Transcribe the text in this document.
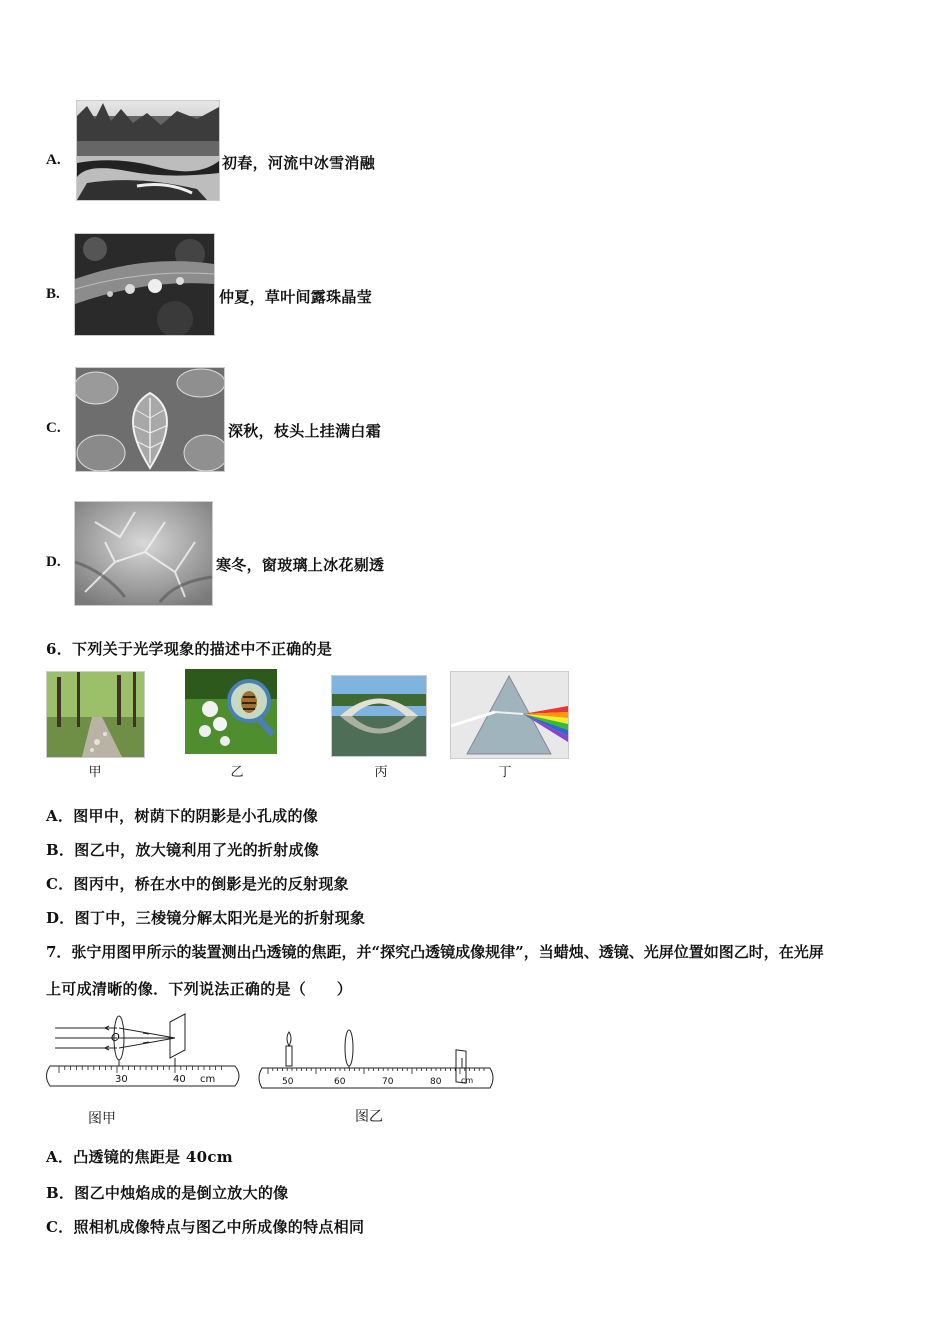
A.	初春，河流中冰雪消融
B.	仲夏，草叶间露珠晶莹
C.	深秋，枝头上挂满白霜
D.	寒冬，窗玻璃上冰花剔透
6．下列关于光学现象的描述中不正确的是
甲	乙	丙	丁
A．图甲中，树荫下的阴影是小孔成的像
B．图乙中，放大镜利用了光的折射成像
C．图丙中，桥在水中的倒影是光的反射现象
D．图丁中，三棱镜分解太阳光是光的折射现象
7．张宁用图甲所示的装置测出凸透镜的焦距，并“探究凸透镜成像规律”，当蜡烛、透镜、光屏位置如图乙时，在光屏
上可成清晰的像．下列说法正确的是（　　）
O
30	40 cm
图甲
50	60	70	80 cm
图乙
A．凸透镜的焦距是 40cm
B．图乙中烛焰成的是倒立放大的像
C．照相机成像特点与图乙中所成像的特点相同
